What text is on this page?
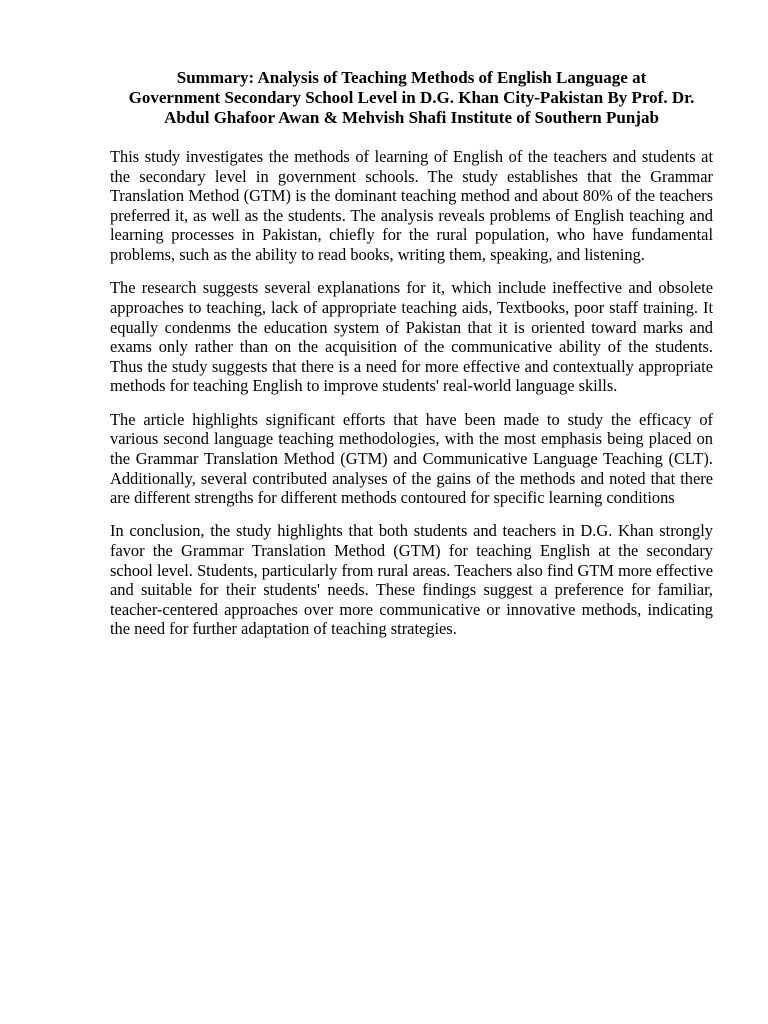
Summary: Analysis of Teaching Methods of English Language at
Government Secondary School Level in D.G. Khan City-Pakistan By Prof. Dr.
Abdul Ghafoor Awan & Mehvish Shafi Institute of Southern Punjab

This study investigates the methods of learning of English of the teachers and students at the secondary level in government schools. The study establishes that the Grammar Translation Method (GTM) is the dominant teaching method and about 80% of the teachers preferred it, as well as the students. The analysis reveals problems of English teaching and learning processes in Pakistan, chiefly for the rural population, who have fundamental problems, such as the ability to read books, writing them, speaking, and listening.

The research suggests several explanations for it, which include ineffective and obsolete approaches to teaching, lack of appropriate teaching aids, Textbooks, poor staff training. It equally condenms the education system of Pakistan that it is oriented toward marks and exams only rather than on the acquisition of the communicative ability of the students. Thus the study suggests that there is a need for more effective and contextually appropriate methods for teaching English to improve students' real-world language skills.

The article highlights significant efforts that have been made to study the efficacy of various second language teaching methodologies, with the most emphasis being placed on the Grammar Translation Method (GTM) and Communicative Language Teaching (CLT). Additionally, several contributed analyses of the gains of the methods and noted that there are different strengths for different methods contoured for specific learning conditions

In conclusion, the study highlights that both students and teachers in D.G. Khan strongly favor the Grammar Translation Method (GTM) for teaching English at the secondary school level. Students, particularly from rural areas. Teachers also find GTM more effective and suitable for their students' needs. These findings suggest a preference for familiar, teacher-centered approaches over more communicative or innovative methods, indicating the need for further adaptation of teaching strategies.
